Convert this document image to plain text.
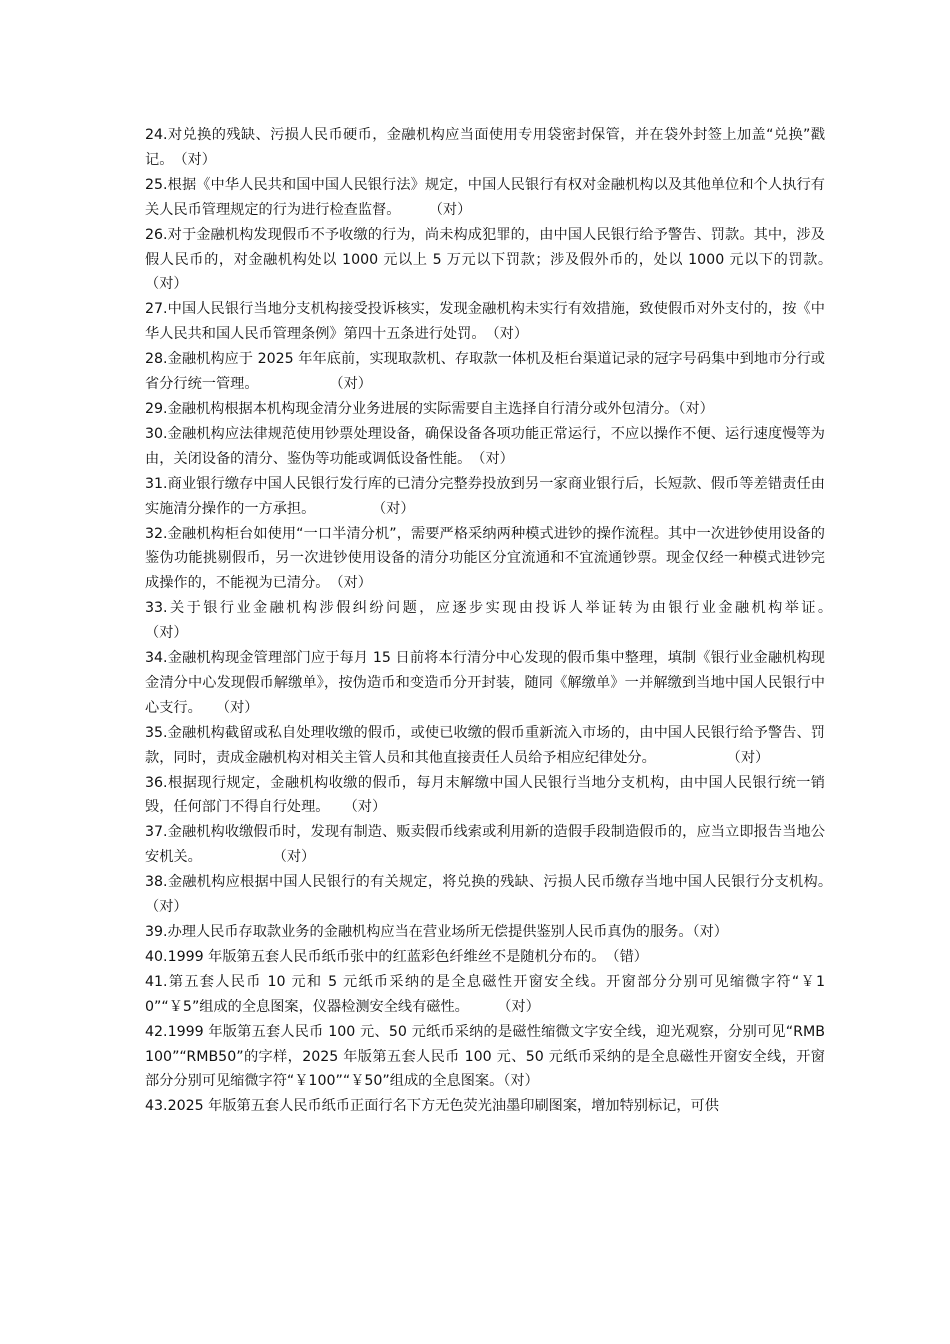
24.对兑换的残缺、污损人民币硬币，金融机构应当面使用专用袋密封保管，并在袋外封签上加盖“兑换”戳记。　（对）

25.根据《中华人民共和国中国人民银行法》规定，中国人民银行有权对金融机构以及其他单位和个人执行有关人民币管理规定的行为进行检查监督。　　　（对）

26.对于金融机构发现假币不予收缴的行为，尚未构成犯罪的，由中国人民银行给予警告、罚款。其中，涉及假人民币的，对金融机构处以 1000 元以上 5 万元以下罚款；涉及假外币的，处以 1000 元以下的罚款。　　　　（对）

27.中国人民银行当地分支机构接受投诉核实，发现金融机构未实行有效措施，致使假币对外支付的，按《中华人民共和国人民币管理条例》第四十五条进行处罚。　（对）

28.金融机构应于 2025 年年底前，实现取款机、存取款一体机及柜台渠道记录的冠字号码集中到地市分行或省分行统一管理。　　　　　　（对）

29.金融机构根据本机构现金清分业务进展的实际需要自主选择自行清分或外包清分。（对）

30.金融机构应法律规范使用钞票处理设备，确保设备各项功能正常运行，不应以操作不便、运行速度慢等为由，关闭设备的清分、鉴伪等功能或调低设备性能。　（对）

31.商业银行缴存中国人民银行发行库的已清分完整券投放到另一家商业银行后，长短款、假币等差错责任由实施清分操作的一方承担。　　　　　（对）

32.金融机构柜台如使用“一口半清分机”，需要严格采纳两种模式进钞的操作流程。其中一次进钞使用设备的鉴伪功能挑剔假币，另一次进钞使用设备的清分功能区分宜流通和不宜流通钞票。现金仅经一种模式进钞完成操作的，不能视为已清分。　（对）

33.关于银行业金融机构涉假纠纷问题，应逐步实现由投诉人举证转为由银行业金融机构举证。　　　　　（对）

34.金融机构现金管理部门应于每月 15 日前将本行清分中心发现的假币集中整理，填制《银行业金融机构现金清分中心发现假币解缴单》，按伪造币和变造币分开封装，随同《解缴单》一并解缴到当地中国人民银行中心支行。　　（对）

35.金融机构截留或私自处理收缴的假币，或使已收缴的假币重新流入市场的，由中国人民银行给予警告、罚款，同时，责成金融机构对相关主管人员和其他直接责任人员给予相应纪律处分。　　　　　　（对）

36.根据现行规定，金融机构收缴的假币，每月末解缴中国人民银行当地分支机构，由中国人民银行统一销毁，任何部门不得自行处理。　　（对）

37.金融机构收缴假币时，发现有制造、贩卖假币线索或利用新的造假手段制造假币的，应当立即报告当地公安机关。　　　　　　（对）

38.金融机构应根据中国人民银行的有关规定，将兑换的残缺、污损人民币缴存当地中国人民银行分支机构。　（对）

39.办理人民币存取款业务的金融机构应当在营业场所无偿提供鉴别人民币真伪的服务。（对）

40.1999 年版第五套人民币纸币张中的红蓝彩色纤维丝不是随机分布的。　（错）

41.第五套人民币 10 元和 5 元纸币采纳的是全息磁性开窗安全线。开窗部分分别可见缩微字符“￥10”“￥5”组成的全息图案，仪器检测安全线有磁性。　　　（对）

42.1999 年版第五套人民币 100 元、50 元纸币采纳的是磁性缩微文字安全线，迎光观察，分别可见“RMB100”“RMB50”的字样，2025 年版第五套人民币 100 元、50 元纸币采纳的是全息磁性开窗安全线，开窗部分分别可见缩微字符“￥100”“￥50”组成的全息图案。（对）

43.2025 年版第五套人民币纸币正面行名下方无色荧光油墨印刷图案，增加特别标记，可供
